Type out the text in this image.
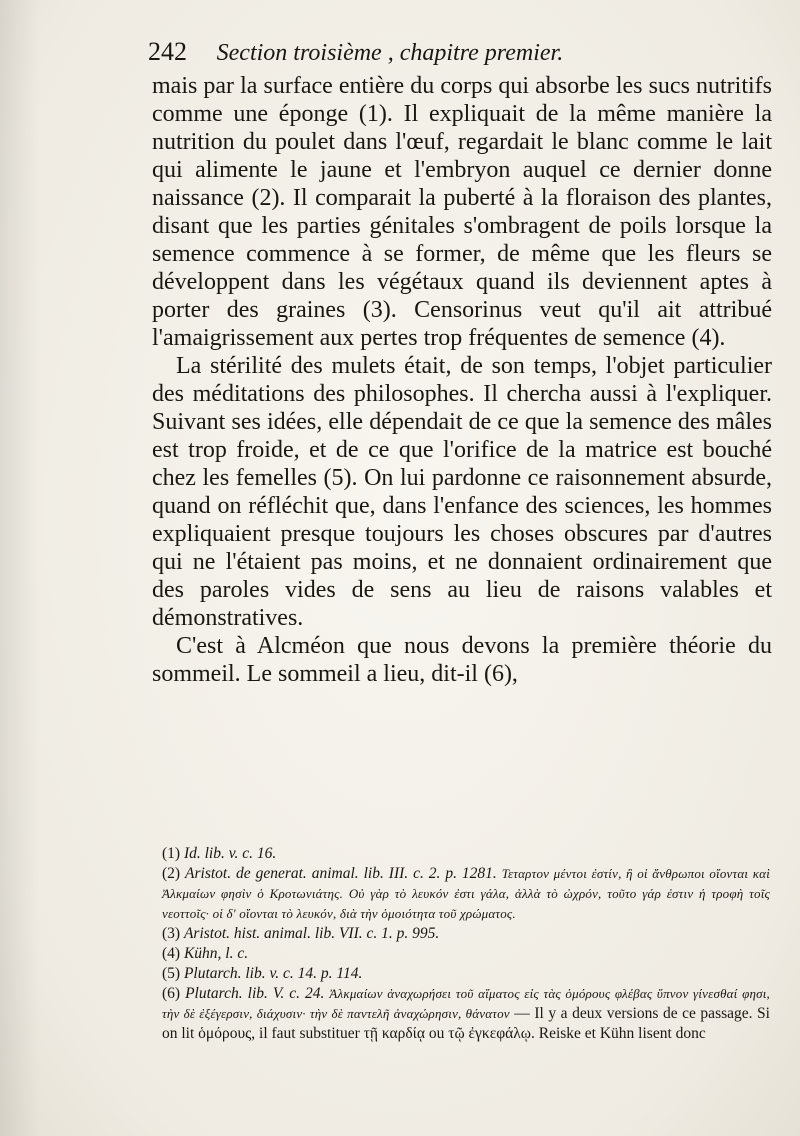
242 Section troisième , chapitre premier.

mais par la surface entière du corps qui absorbe les sucs nutritifs comme une éponge (1). Il expliquait de la même manière la nutrition du poulet dans l'œuf, regardait le blanc comme le lait qui alimente le jaune et l'embryon auquel ce dernier donne naissance (2). Il comparait la puberté à la floraison des plantes, disant que les parties génitales s'ombragent de poils lorsque la semence commence à se former, de même que les fleurs se développent dans les végétaux quand ils deviennent aptes à porter des graines (3). Censorinus veut qu'il ait attribué l'amaigrissement aux pertes trop fréquentes de semence (4).

La stérilité des mulets était, de son temps, l'objet particulier des méditations des philosophes. Il chercha aussi à l'expliquer. Suivant ses idées, elle dépendait de ce que la semence des mâles est trop froide, et de ce que l'orifice de la matrice est bouché chez les femelles (5). On lui pardonne ce raisonnement absurde, quand on réfléchit que, dans l'enfance des sciences, les hommes expliquaient presque toujours les choses obscures par d'autres qui ne l'étaient pas moins, et ne donnaient ordinairement que des paroles vides de sens au lieu de raisons valables et démonstratives.

C'est à Alcméon que nous devons la première théorie du sommeil. Le sommeil a lieu, dit-il (6),

(1) Id. lib. v. c. 16.

(2) Aristot. de generat. animal. lib. III. c. 2. p. 1281. Τεταρτον μέντοι ἐστίν, ἢ οἱ ἄνθρωποι οἴονται καὶ Ἀλκμαίων φησὶν ὁ Κροτωνιάτης. Οὐ γὰρ τὸ λευκόν ἐστι γάλα, ἀλλὰ τὸ ὠχρόν, τοῦτο γάρ ἐστιν ἡ τροφὴ τοῖς νεοττοῖς· οἱ δ' οἴονται τὸ λευκόν, διὰ τὴν ὁμοιότητα τοῦ χρώματος.

(3) Aristot. hist. animal. lib. VII. c. 1. p. 995.

(4) Kühn, l. c.

(5) Plutarch. lib. v. c. 14. p. 114.

(6) Plutarch. lib. V. c. 24. Ἀλκμαίων ἀναχωρήσει τοῦ αἵματος εἰς τὰς ὁμόρους φλέβας ὕπνον γίνεσθαί φησι, τὴν δὲ ἐξέγερσιν, διάχυσιν· τὴν δὲ παντελῆ ἀναχώρησιν, θάνατον — Il y a deux versions de ce passage. Si on lit ὁμόρους, il faut substituer τῇ καρδίᾳ ou τῷ ἐγκεφάλῳ. Reiske et Kühn lisent donc
